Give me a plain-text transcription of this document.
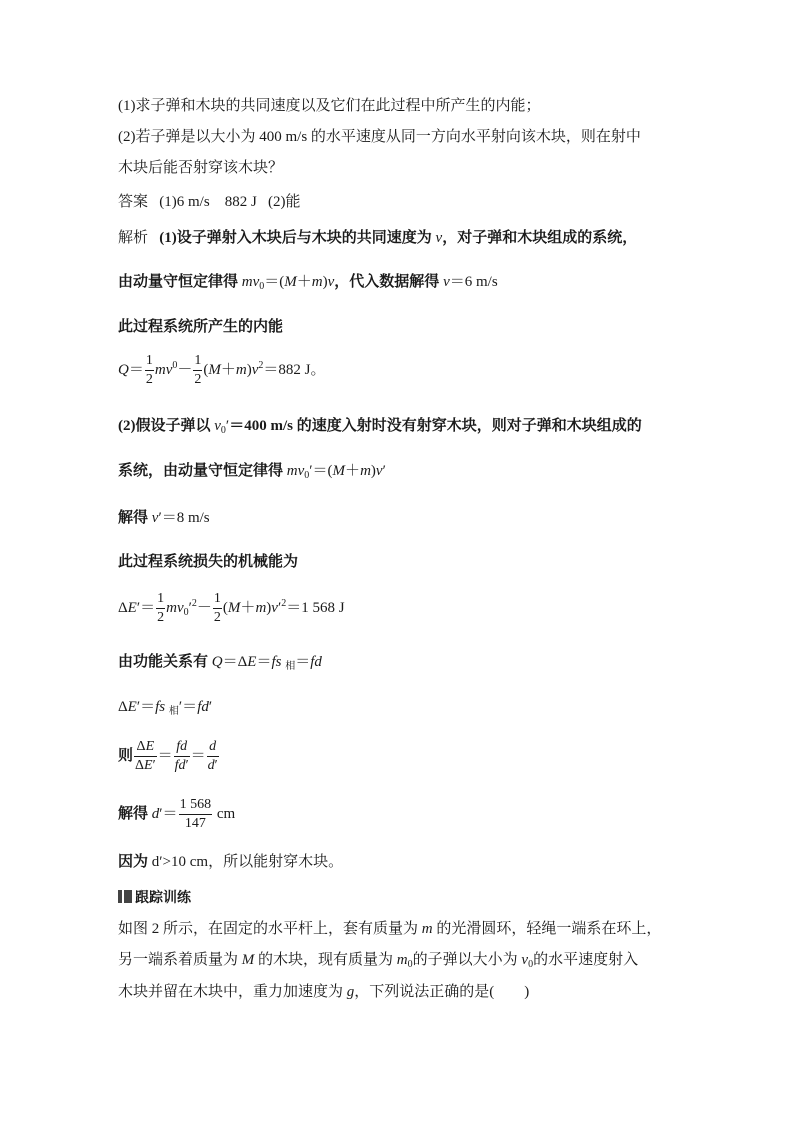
(1)求子弹和木块的共同速度以及它们在此过程中所产生的内能；
(2)若子弹是以大小为 400 m/s 的水平速度从同一方向水平射向该木块，则在射中
木块后能否射穿该木块？
答案 (1)6 m/s 882 J (2)能
解析 (1)设子弹射入木块后与木块的共同速度为 v，对子弹和木块组成的系统，
由动量守恒定律得 $mv_0=(M+m)v$，代入数据解得 v＝6 m/s
此过程系统所产生的内能
$Q= \frac{1}{2} mv^0- \frac{1}{2} (M+m)v^2=882$ J。
(2)假设子弹以 $v_0'=400$ m/s 的速度入射时没有射穿木块，则对子弹和木块组成的
系统，由动量守恒定律得 $mv_0'=(M+m)v'$
解得 v′＝8 m/s
此过程系统损失的机械能为
$\Delta E'= \frac{1}{2} mv_0'^2- \frac{1}{2} (M+m)v'^2=1$ 568 J
由功能关系有 Q＝ΔE＝fs $_相$＝fd
ΔE′＝fs $_相$′＝fd′
则 $\frac{\Delta E}{\Delta E'} = \frac{fd}{fd'} = \frac{d}{d'}$
解得 $d'= \frac{1 568}{147}$ cm
因为 d′>10 cm，所以能射穿木块。
跟踪训练
如图 2 所示，在固定的水平杆上，套有质量为 m 的光滑圆环，轻绳一端系在环上，
另一端系着质量为 M 的木块，现有质量为 $m_0$的子弹以大小为 $v_0$的水平速度射入
木块并留在木块中，重力加速度为 g，下列说法正确的是(　　)
